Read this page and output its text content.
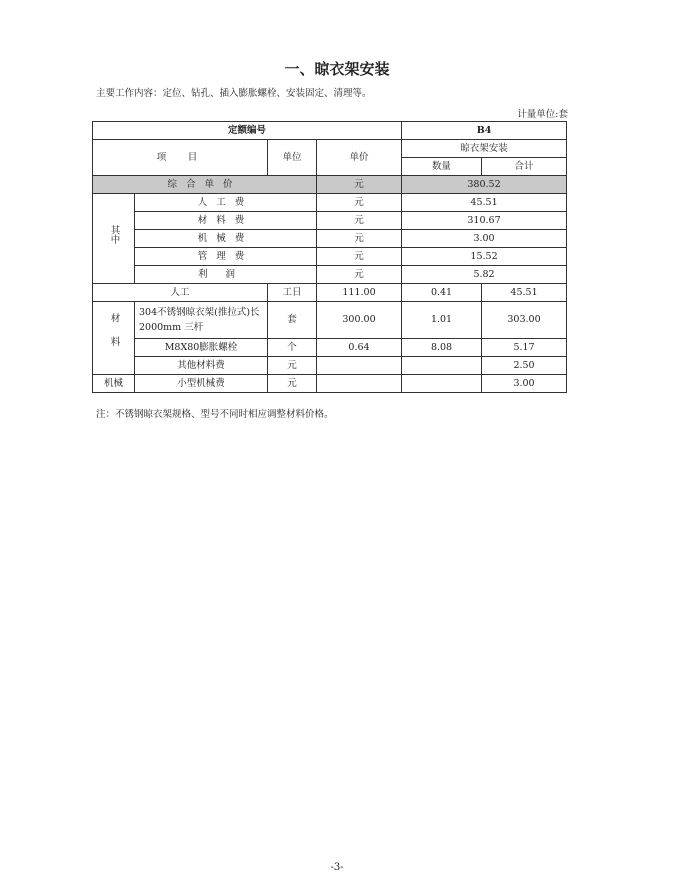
一、晾衣架安装
主要工作内容：定位、钻孔、插入膨胀螺栓、安装固定、清理等。
计量单位:套
定额编号				B4	
项　目		单位	单价	晾衣架安装	
				数量	合计
综合单价			元	380.52	
其中	人工费		元	45.51	
	材料费		元	310.67	
	机械费		元	3.00	
	管理费		元	15.52	
	利润		元	5.82	
人工		工日	111.00	0.41	45.51
材料	304不锈钢晾衣架(推拉式)长2000mm 三杆	套	300.00	1.01	303.00
	M8X80膨胀螺栓	个	0.64	8.08	5.17
	其他材料费	元			2.50
机械	小型机械费	元			3.00
注：不锈钢晾衣架规格、型号不同时相应调整材料价格。
-3-
